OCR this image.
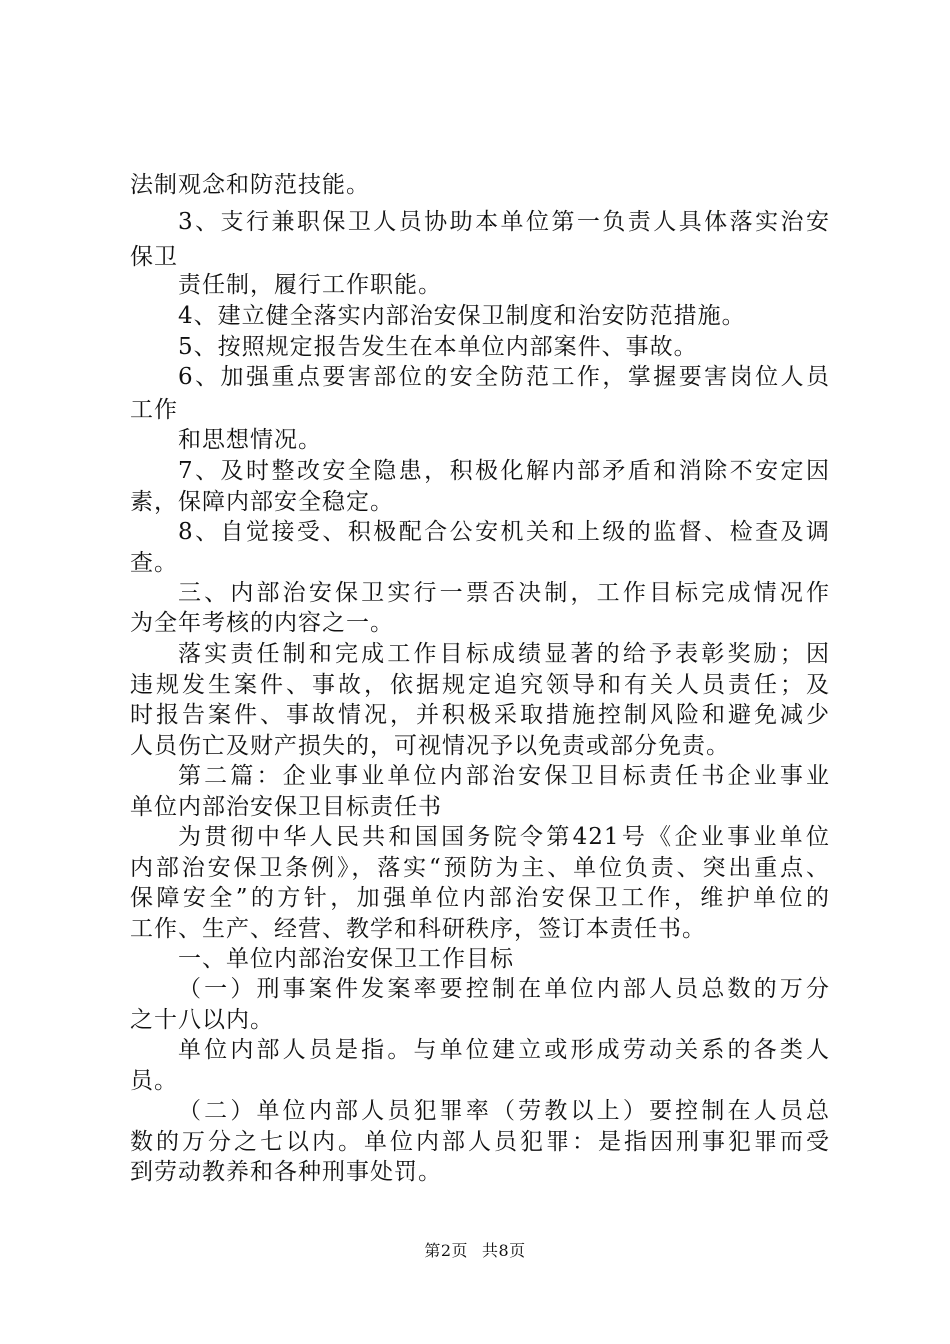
法制观念和防范技能。
3、支行兼职保卫人员协助本单位第一负责人具体落实治安
保卫
责任制，履行工作职能。
4、建立健全落实内部治安保卫制度和治安防范措施。
5、按照规定报告发生在本单位内部案件、事故。
6、加强重点要害部位的安全防范工作，掌握要害岗位人员
工作
和思想情况。
7、及时整改安全隐患，积极化解内部矛盾和消除不安定因
素，保障内部安全稳定。
8、自觉接受、积极配合公安机关和上级的监督、检查及调
查。
三、内部治安保卫实行一票否决制，工作目标完成情况作
为全年考核的内容之一。
落实责任制和完成工作目标成绩显著的给予表彰奖励；因
违规发生案件、事故，依据规定追究领导和有关人员责任；及
时报告案件、事故情况，并积极采取措施控制风险和避免减少
人员伤亡及财产损失的，可视情况予以免责或部分免责。
第二篇：企业事业单位内部治安保卫目标责任书企业事业
单位内部治安保卫目标责任书
为贯彻中华人民共和国国务院令第421号《企业事业单位
内部治安保卫条例》，落实“预防为主、单位负责、突出重点、
保障安全”的方针，加强单位内部治安保卫工作，维护单位的
工作、生产、经营、教学和科研秩序，签订本责任书。
一、单位内部治安保卫工作目标
（一）刑事案件发案率要控制在单位内部人员总数的万分
之十八以内。
单位内部人员是指。与单位建立或形成劳动关系的各类人
员。
（二）单位内部人员犯罪率（劳教以上）要控制在人员总
数的万分之七以内。单位内部人员犯罪：是指因刑事犯罪而受
到劳动教养和各种刑事处罚。
第2页 共8页
